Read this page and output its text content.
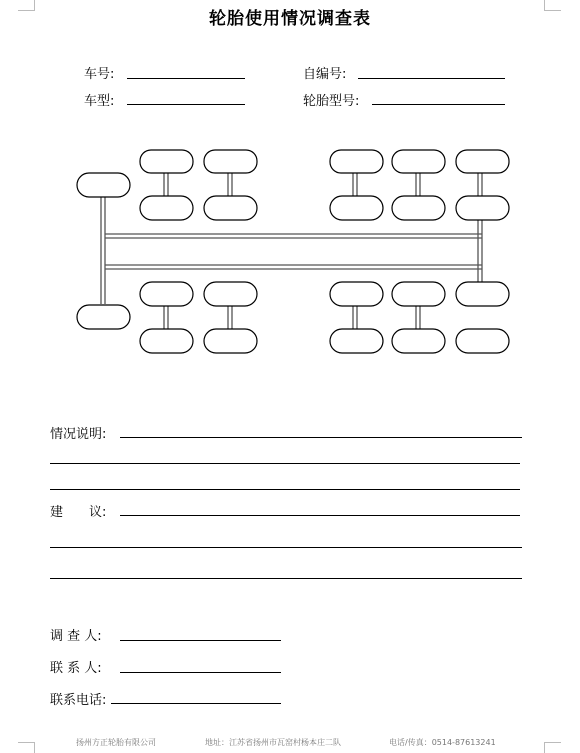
轮胎使用情况调查表
车号:	自编号:
车型:	轮胎型号:
情况说明:
建　　议:
调 查 人:
联 系 人:
联系电话:
扬州方正轮胎有限公司	地址：江苏省扬州市瓦窑村杨本庄二队	电话/传真：0514-87613241
